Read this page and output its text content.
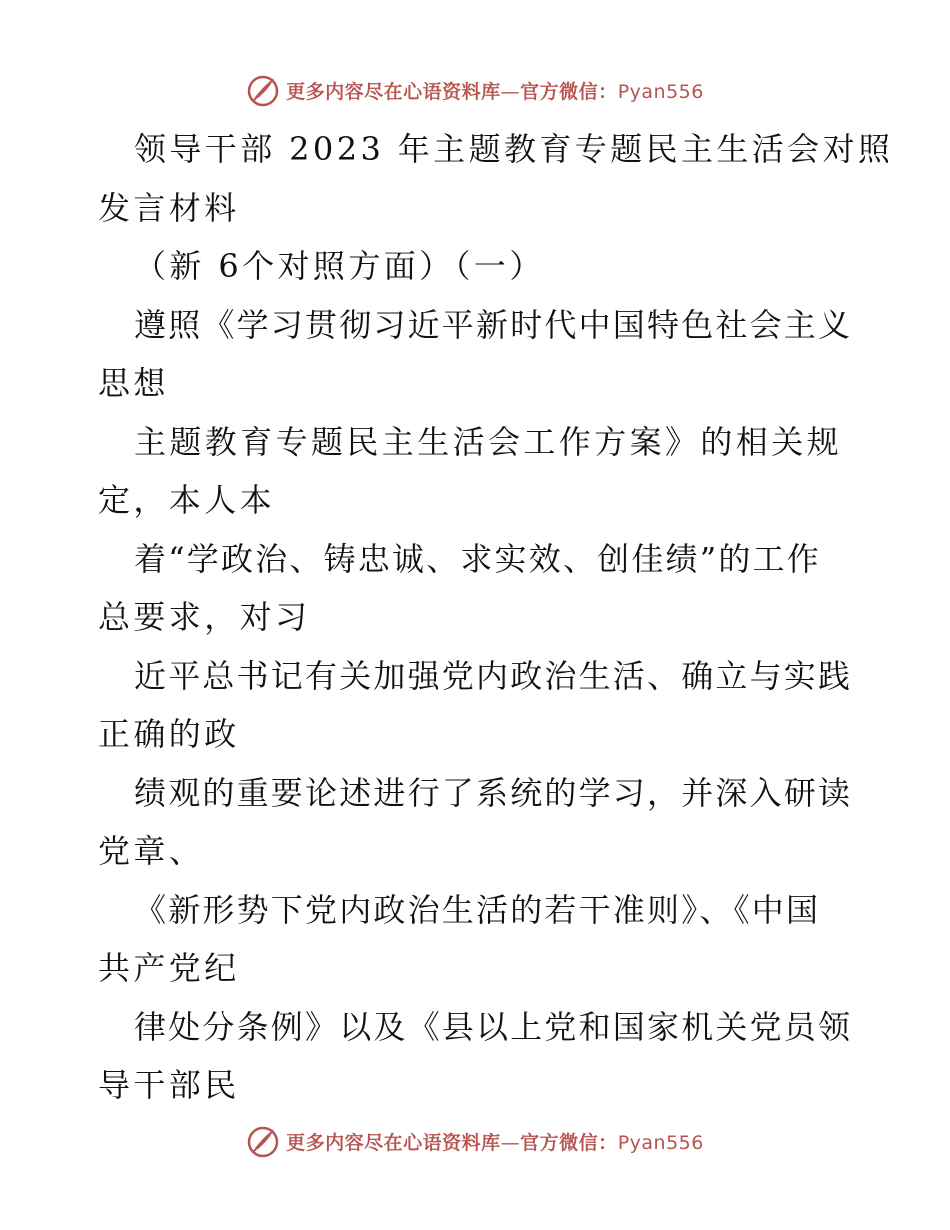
更多内容尽在心语资料库—官方微信：Pyan556
领导干部 2023 年主题教育专题民主生活会对照
发言材料
（新 6个对照方面）（一）
遵照《学习贯彻习近平新时代中国特色社会主义
思想
主题教育专题民主生活会工作方案》的相关规
定，本人本
着“学政治、铸忠诚、求实效、创佳绩”的工作
总要求，对习
近平总书记有关加强党内政治生活、确立与实践
正确的政
绩观的重要论述进行了系统的学习，并深入研读
党章、
《新形势下党内政治生活的若干准则》、《中国
共产党纪
律处分条例》以及《县以上党和国家机关党员领
导干部民
更多内容尽在心语资料库—官方微信：Pyan556
